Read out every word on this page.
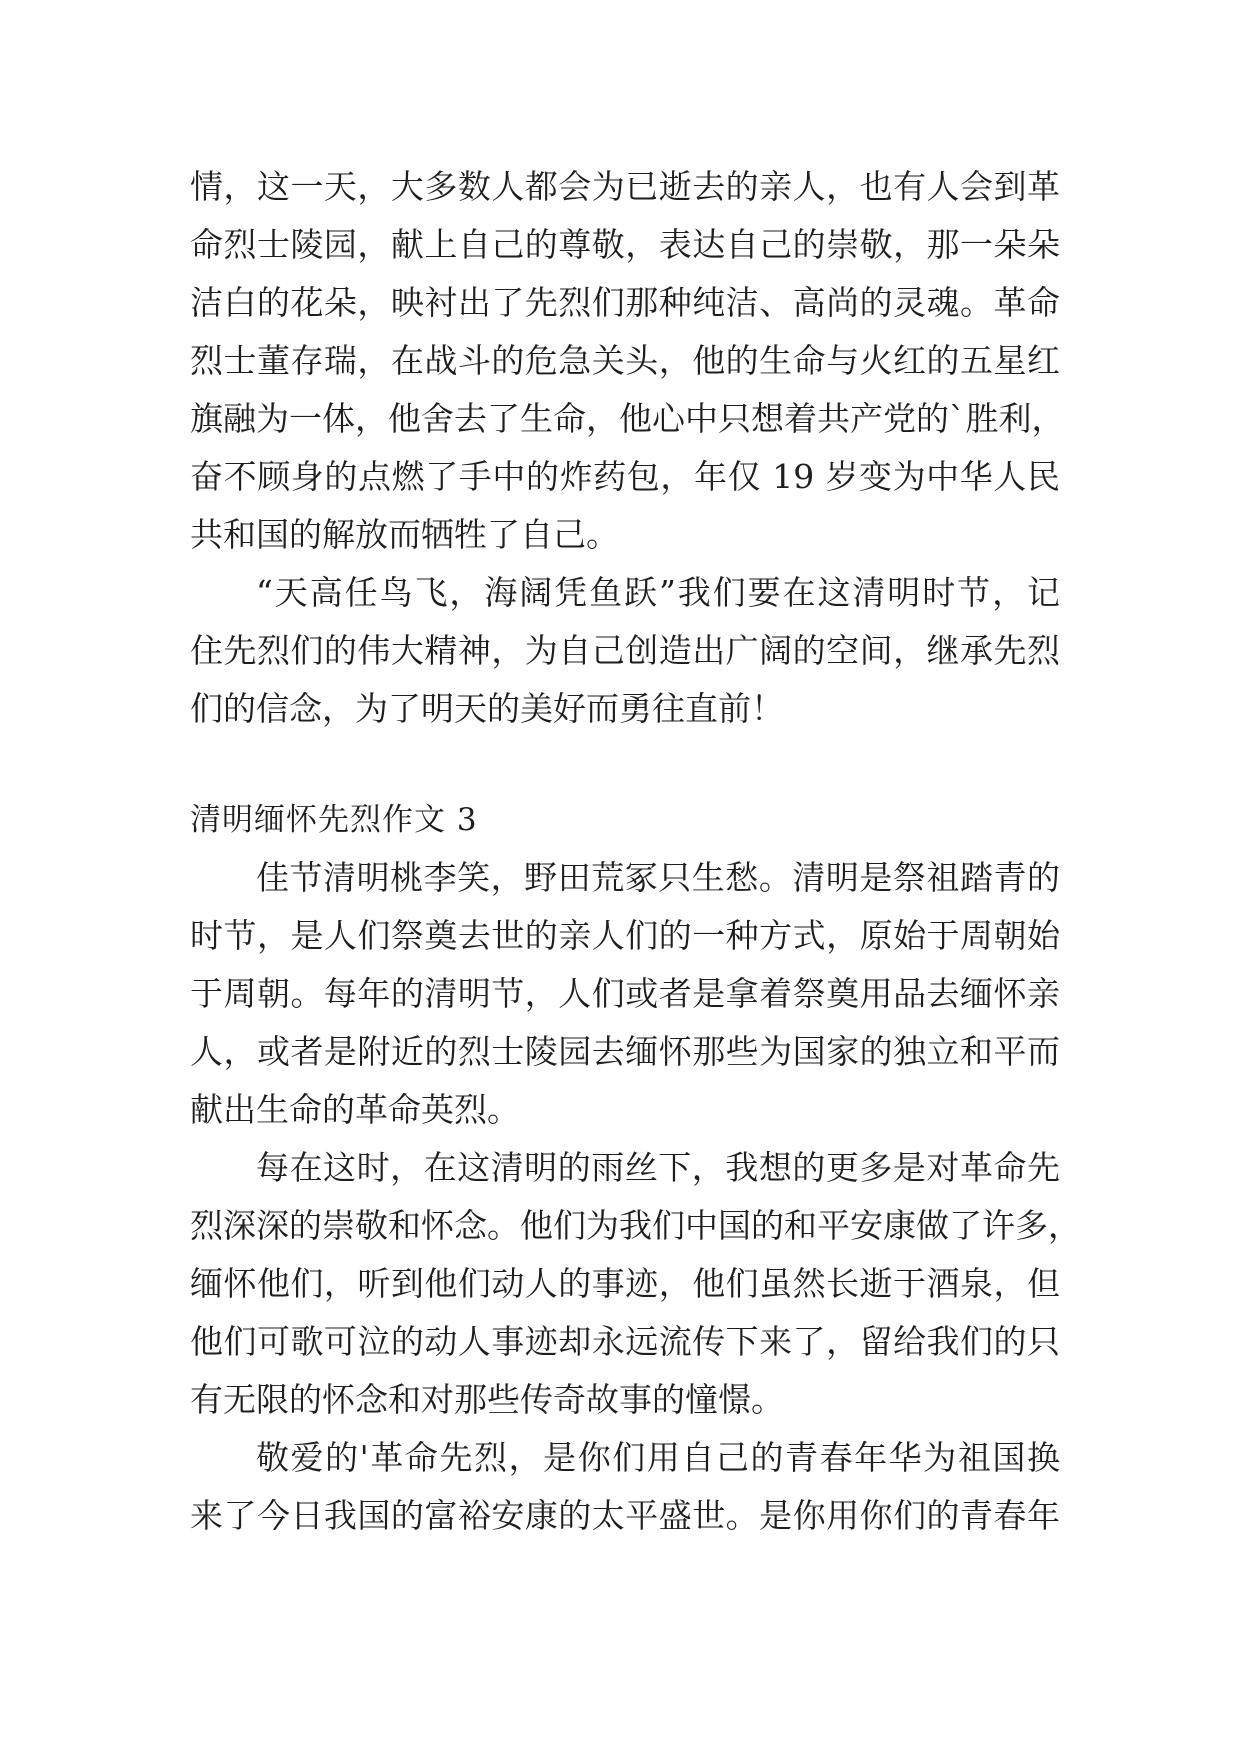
情，这一天，大多数人都会为已逝去的亲人，也有人会到革
命烈士陵园，献上自己的尊敬，表达自己的崇敬，那一朵朵
洁白的花朵，映衬出了先烈们那种纯洁、高尚的灵魂。革命
烈士董存瑞，在战斗的危急关头，他的生命与火红的五星红
旗融为一体，他舍去了生命，他心中只想着共产党的`胜利，
奋不顾身的点燃了手中的炸药包，年仅 19 岁变为中华人民
共和国的解放而牺牲了自己。
“天高任鸟飞，海阔凭鱼跃”我们要在这清明时节，记
住先烈们的伟大精神，为自己创造出广阔的空间，继承先烈
们的信念，为了明天的美好而勇往直前！
清明缅怀先烈作文 3
佳节清明桃李笑，野田荒冢只生愁。清明是祭祖踏青的
时节，是人们祭奠去世的亲人们的一种方式，原始于周朝始
于周朝。每年的清明节，人们或者是拿着祭奠用品去缅怀亲
人，或者是附近的烈士陵园去缅怀那些为国家的独立和平而
献出生命的革命英烈。
每在这时，在这清明的雨丝下，我想的更多是对革命先
烈深深的崇敬和怀念。他们为我们中国的和平安康做了许多，
缅怀他们，听到他们动人的事迹，他们虽然长逝于酒泉，但
他们可歌可泣的动人事迹却永远流传下来了，留给我们的只
有无限的怀念和对那些传奇故事的憧憬。
敬爱的'革命先烈，是你们用自己的青春年华为祖国换
来了今日我国的富裕安康的太平盛世。是你用你们的青春年
